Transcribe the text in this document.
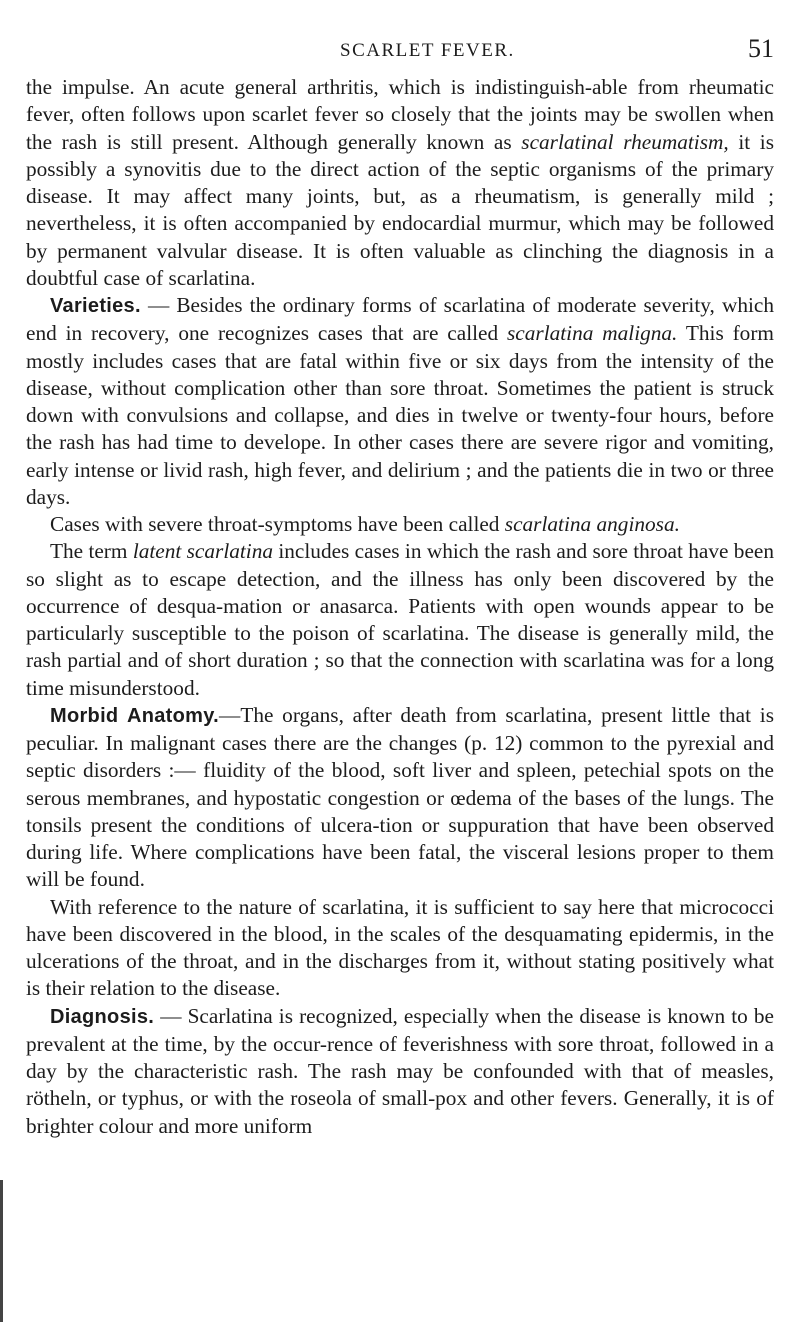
SCARLET FEVER.	51

the impulse. An acute general arthritis, which is indistinguish-able from rheumatic fever, often follows upon scarlet fever so closely that the joints may be swollen when the rash is still present. Although generally known as scarlatinal rheumatism, it is possibly a synovitis due to the direct action of the septic organisms of the primary disease. It may affect many joints, but, as a rheumatism, is generally mild ; nevertheless, it is often accompanied by endocardial murmur, which may be followed by permanent valvular disease. It is often valuable as clinching the diagnosis in a doubtful case of scarlatina.

Varieties. — Besides the ordinary forms of scarlatina of moderate severity, which end in recovery, one recognizes cases that are called scarlatina maligna. This form mostly includes cases that are fatal within five or six days from the intensity of the disease, without complication other than sore throat. Sometimes the patient is struck down with convulsions and collapse, and dies in twelve or twenty-four hours, before the rash has had time to develope. In other cases there are severe rigor and vomiting, early intense or livid rash, high fever, and delirium ; and the patients die in two or three days.

Cases with severe throat-symptoms have been called scarlatina anginosa.

The term latent scarlatina includes cases in which the rash and sore throat have been so slight as to escape detection, and the illness has only been discovered by the occurrence of desqua-mation or anasarca. Patients with open wounds appear to be particularly susceptible to the poison of scarlatina. The disease is generally mild, the rash partial and of short duration ; so that the connection with scarlatina was for a long time misunderstood.

Morbid Anatomy.—The organs, after death from scarlatina, present little that is peculiar. In malignant cases there are the changes (p. 12) common to the pyrexial and septic disorders :— fluidity of the blood, soft liver and spleen, petechial spots on the serous membranes, and hypostatic congestion or œdema of the bases of the lungs. The tonsils present the conditions of ulcera-tion or suppuration that have been observed during life. Where complications have been fatal, the visceral lesions proper to them will be found.

With reference to the nature of scarlatina, it is sufficient to say here that micrococci have been discovered in the blood, in the scales of the desquamating epidermis, in the ulcerations of the throat, and in the discharges from it, without stating positively what is their relation to the disease.

Diagnosis. — Scarlatina is recognized, especially when the disease is known to be prevalent at the time, by the occur-rence of feverishness with sore throat, followed in a day by the characteristic rash. The rash may be confounded with that of measles, rötheln, or typhus, or with the roseola of small-pox and other fevers. Generally, it is of brighter colour and more uniform
